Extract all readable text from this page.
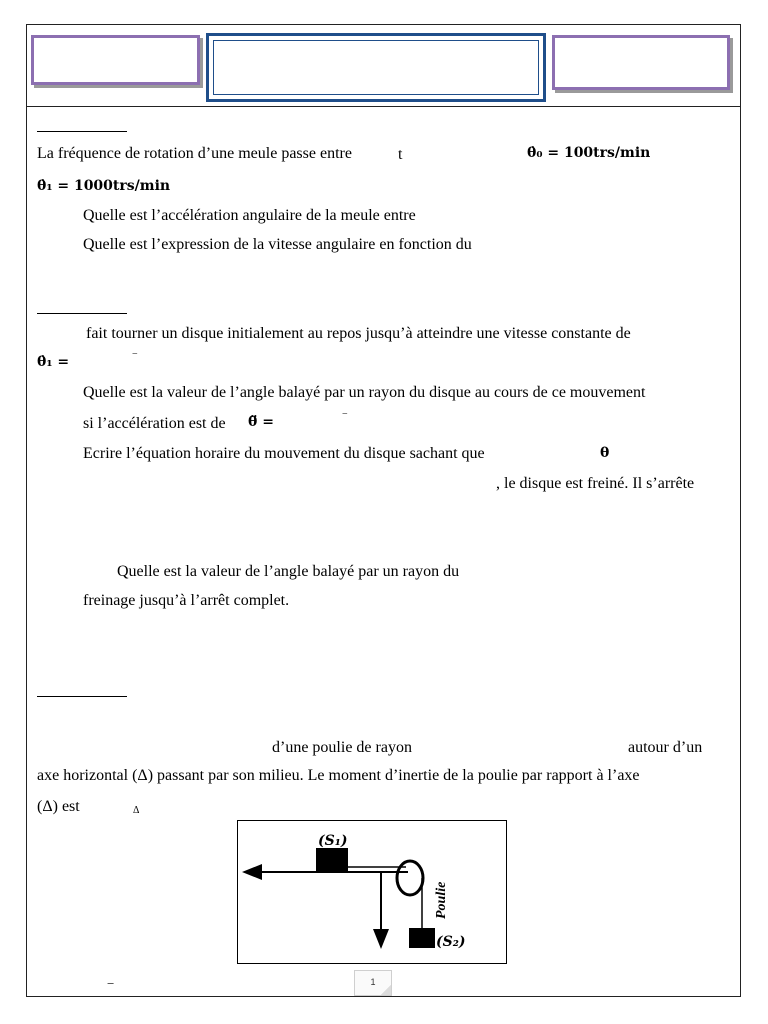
La fréquence de rotation d’une meule passe entre	t	θ̇₀ = 100trs/min
θ̇₁ = 1000trs/min
Quelle est l’accélération angulaire de la meule entre
Quelle est l’expression de la vitesse angulaire en fonction du
fait tourner un disque initialement au repos jusqu’à atteindre une vitesse constante de
θ̇₁ =	−
Quelle est la valeur de l’angle balayé par un rayon du disque au cours de ce mouvement
si l’accélération est de θ̈ =	−
Ecrire l’équation horaire du mouvement du disque sachant que	θ
, le disque est freiné. Il s’arrête
Quelle est la valeur de l’angle balayé par un rayon du
freinage jusqu’à l’arrêt complet.
d’une poulie de rayon	autour d’un
axe horizontal (Δ) passant par son milieu. Le moment d’inertie de la poulie par rapport à l’axe
(Δ) est	Δ
(S₁)
(S₂)
Poulie
−	1
